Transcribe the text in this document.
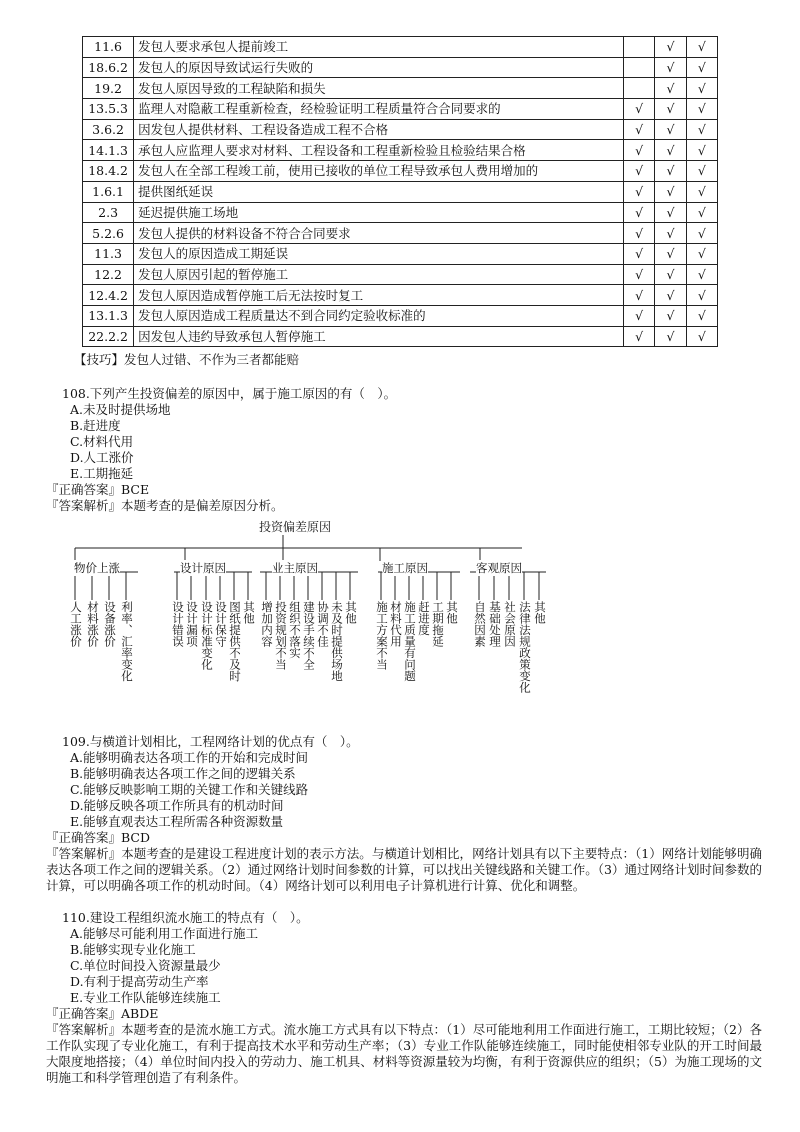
11.6	发包人要求承包人提前竣工		√	√
18.6.2	发包人的原因导致试运行失败的		√	√
19.2	发包人原因导致的工程缺陷和损失		√	√
13.5.3	监理人对隐蔽工程重新检查，经检验证明工程质量符合合同要求的	√	√	√
3.6.2	因发包人提供材料、工程设备造成工程不合格	√	√	√
14.1.3	承包人应监理人要求对材料、工程设备和工程重新检验且检验结果合格	√	√	√
18.4.2	发包人在全部工程竣工前，使用已接收的单位工程导致承包人费用增加的	√	√	√
1.6.1	提供图纸延误	√	√	√
2.3	延迟提供施工场地	√	√	√
5.2.6	发包人提供的材料设备不符合合同要求	√	√	√
11.3	发包人的原因造成工期延误	√	√	√
12.2	发包人原因引起的暂停施工	√	√	√
12.4.2	发包人原因造成暂停施工后无法按时复工	√	√	√
13.1.3	发包人原因造成工程质量达不到合同约定验收标准的	√	√	√
22.2.2	因发包人违约导致承包人暂停施工	√	√	√
【技巧】发包人过错、不作为三者都能赔

108.下列产生投资偏差的原因中，属于施工原因的有（　）。

A.未及时提供场地

B.赶进度

C.材料代用

D.人工涨价

E.工期拖延

『正确答案』BCE

『答案解析』本题考查的是偏差原因分析。

投资偏差原因
物价上涨	设计原因	业主原因	施工原因	客观原因
人工涨价 材料涨价 设备涨价 利率、汇率变化	设计错误 设计漏项 设计标准变化 设计保守 图纸提供不及时 其他 增加内容 投资规划不当 组织不落实 建设手续不全 协调不佳 未及时提供场地 其他 施工方案不当 材料代用 施工质量有问题 赶进度 工期拖延 其他 自然因素 基础处理 社会原因 法律法规政策变化 其他

109.与横道计划相比，工程网络计划的优点有（　）。

A.能够明确表达各项工作的开始和完成时间

B.能够明确表达各项工作之间的逻辑关系

C.能够反映影响工期的关键工作和关键线路

D.能够反映各项工作所具有的机动时间

E.能够直观表达工程所需各种资源数量

『正确答案』BCD

『答案解析』本题考查的是建设工程进度计划的表示方法。与横道计划相比，网络计划具有以下主要特点：（1）网络计划能够明确表达各项工作之间的逻辑关系。（2）通过网络计划时间参数的计算，可以找出关键线路和关键工作。（3）通过网络计划时间参数的计算，可以明确各项工作的机动时间。（4）网络计划可以利用电子计算机进行计算、优化和调整。

110.建设工程组织流水施工的特点有（　）。

A.能够尽可能利用工作面进行施工

B.能够实现专业化施工

C.单位时间投入资源量最少

D.有利于提高劳动生产率

E.专业工作队能够连续施工

『正确答案』ABDE

『答案解析』本题考查的是流水施工方式。流水施工方式具有以下特点：（1）尽可能地利用工作面进行施工，工期比较短；（2）各工作队实现了专业化施工，有利于提高技术水平和劳动生产率；（3）专业工作队能够连续施工，同时能使相邻专业队的开工时间最大限度地搭接；（4）单位时间内投入的劳动力、施工机具、材料等资源量较为均衡，有利于资源供应的组织；（5）为施工现场的文明施工和科学管理创造了有利条件。
